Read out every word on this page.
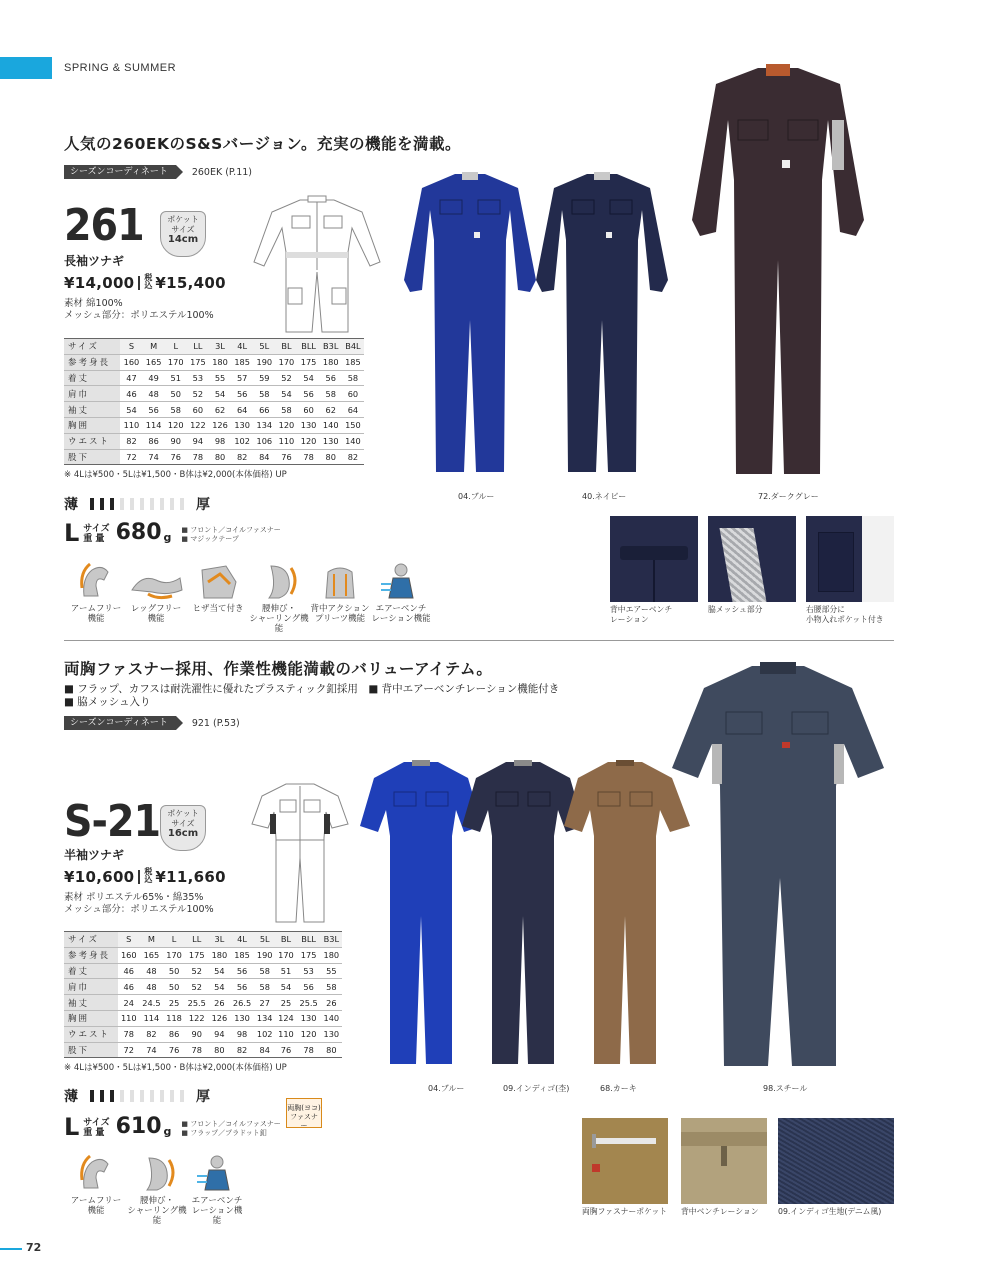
SPRING & SUMMER
人気の260EKのS&Sバージョン。充実の機能を満載。
シーズンコーディネート	260EK (P.11)
261	ポケット
サイズ
14cm
長袖ツナギ
¥14,000 税込 ¥15,400
素材 綿100%
メッシュ部分：ポリエステル100%
サイズ	S	M	L	LL	3L	4L	5L	BL	BLL	B3L	B4L
参考身長	160	165	170	175	180	185	190	170	175	180	185
着丈	47	49	51	53	55	57	59	52	54	56	58
肩巾	46	48	50	52	54	56	58	54	56	58	60
袖丈	54	56	58	60	62	64	66	58	60	62	64
胸囲	110	114	120	122	126	130	134	120	130	140	150
ウエスト	82	86	90	94	98	102	106	110	120	130	140
股下	72	74	76	78	80	82	84	76	78	80	82
※ 4Lは¥500・5Lは¥1,500・B体は¥2,000(本体価格) UP
薄	厚
L サイズ
重 量 680 g
■ フロント／コイルファスナー
■ マジックテープ
アームフリー
機能
レッグフリー
機能
ヒザ当て付き	腰伸び・
シャーリング機能
背中アクション
プリーツ機能
エアーベンチ
レーション機能
04.ブルー	40.ネイビー	72.ダークグレー
背中エアーベンチ
レーション
脇メッシュ部分	右腰部分に
小物入れポケット付き
両胸ファスナー採用、作業性機能満載のバリューアイテム。
■ フラップ、カフスは耐洗濯性に優れたプラスティック釦採用　■ 背中エアーベンチレーション機能付き
■ 脇メッシュ入り
シーズンコーディネート	921 (P.53)
S-21 ポケット
サイズ
16cm
半袖ツナギ
¥10,600 税込 ¥11,660
素材 ポリエステル65%・綿35%
メッシュ部分：ポリエステル100%
サイズ	S	M	L	LL	3L	4L	5L	BL	BLL	B3L
参考身長	160	165	170	175	180	185	190	170	175	180
着丈	46	48	50	52	54	56	58	51	53	55
肩巾	46	48	50	52	54	56	58	54	56	58
袖丈	24	24.5	25	25.5	26	26.5	27	25	25.5	26
胸囲	110	114	118	122	126	130	134	124	130	140
ウエスト	78	82	86	90	94	98	102	110	120	130
股下	72	74	76	78	80	82	84	76	78	80
※ 4Lは¥500・5Lは¥1,500・B体は¥2,000(本体価格) UP
薄	厚
L サイズ
重 量 610 g
■ フロント／コイルファスナー
■ フラップ／プラドット釦
両胸(ヨコ)
ファスナー
アームフリー
機能
腰伸び・
シャーリング機能
エアーベンチ
レーション機能
04.ブルー	09.インディゴ(杢)	68.カーキ	98.スチール
両胸ファスナーポケット 背中ベンチレーション	09.インディゴ生地(デニム風)
72
